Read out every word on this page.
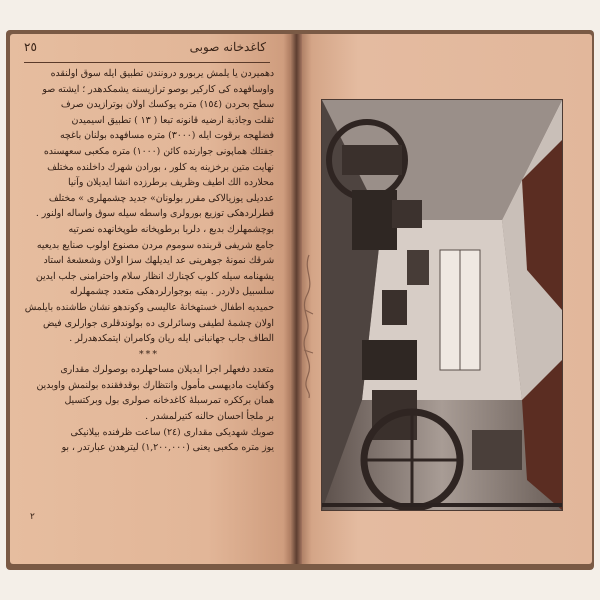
٢٥	كاغدخانه صوبى

دهميردن يا يلمش يربورو درونندن تطبيق ايله سوق اولنقده

واوسافهده كى كاركير بوصو ترازيسنه يشمكدهدر ؛ ايشته صو

سطح بحردن (١٥٤) متره يوكسك اولان بوترازيدن صرف

ثقلت وجاذبة ارضيه قانونه تبعا ( ١٣ ) تطبيق اسيميدن

فضلهجه برقوت ايله (٣٠٠٠) متره مسافهده بولنان باغچه

جفتلك هماپونى جوارنده كائن (١٠٠٠) متره مكعبى سعهسنده

نهايت متين برخزينه يه كلور ، بورادن شهرك داخلنده مختلف

محلارده الك اطيف وظريف برطرزده انشا ايديلان وآنيا

عدديلى يوزيالاكى مقرر بولونان» جديد چشمهلرى » مختلف

قطرلردهكى توزيع بورولرى واسطه سيله سوق واساله اولنور .

بوچشمهلرك بديع ، دلربا برطوپخانه طوپخانهده نصرتيه

جامع شريفى قربنده سوموم مردن مصنوع اولوب صنايع بديعيه

شرقك نمونهٔ جوهرينى عد ايديلهك سزا اولان وشعشعهٔ استاد

يشهنامه سيله كلوب كچنارك انظار سلام واحترامنى جلب ايدين

سلسبيل دلاردر . بينه بوجوارلردهكى متعدد چشمهلرله

حميديه اطفال خستهخانهٔ عاليسى وكوندهو نشان طاشنده بايلمش

اولان چشمهٔ لطيفى وسائرلرى ده بولوندقلرى جوارلرى فيض

الطاف جاب جهانبانى ايله ريان وكامران ايتمكدهدرلر .

***

متعدد دفعهلر اجرا ايديلان مساحهلرده بوصولرك مقدارى

وكفايت ماديهسى مأمول وانتظارك بوقدفقنده بولنمش واوبدين

همان برككره تمرسبلهٔ كاغدخانه صولرى بول وبركتسيل

بر ملجأ احسان حالنه كتيرلمشدر .

صوبك شهديكى مقدارى (٢٤) ساعت ظرفنده بيلانيكى

يوز متره مكعبى يعنى (١,٢٠٠,٠٠٠) ليترهدن عبارتدر ، بو

٢
